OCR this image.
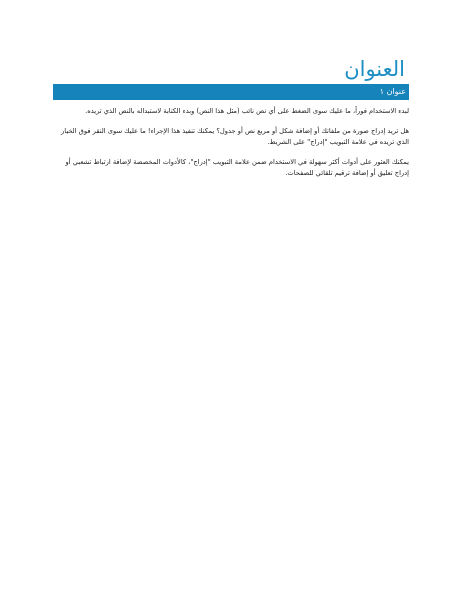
العنوان
عنوان ١

لبدء الاستخدام فوراً، ما عليك سوى الضغط على أي نص نائب (مثل هذا النص) وبدء الكتابة لاستبداله بالنص الذي تريده.

هل تريد إدراج صورة من ملفاتك أو إضافة شكل أو مربع نص أو جدول؟ يمكنك تنفيذ هذا الإجراء! ما عليك سوى النقر فوق الخيار الذي تريده في علامة التبويب "إدراج" على الشريط.

يمكنك العثور على أدوات أكثر سهولة في الاستخدام ضمن علامة التبويب "إدراج"، كالأدوات المخصصة لإضافة ارتباط تشعبي أو إدراج تعليق أو إضافة ترقيم تلقائي للصفحات.
